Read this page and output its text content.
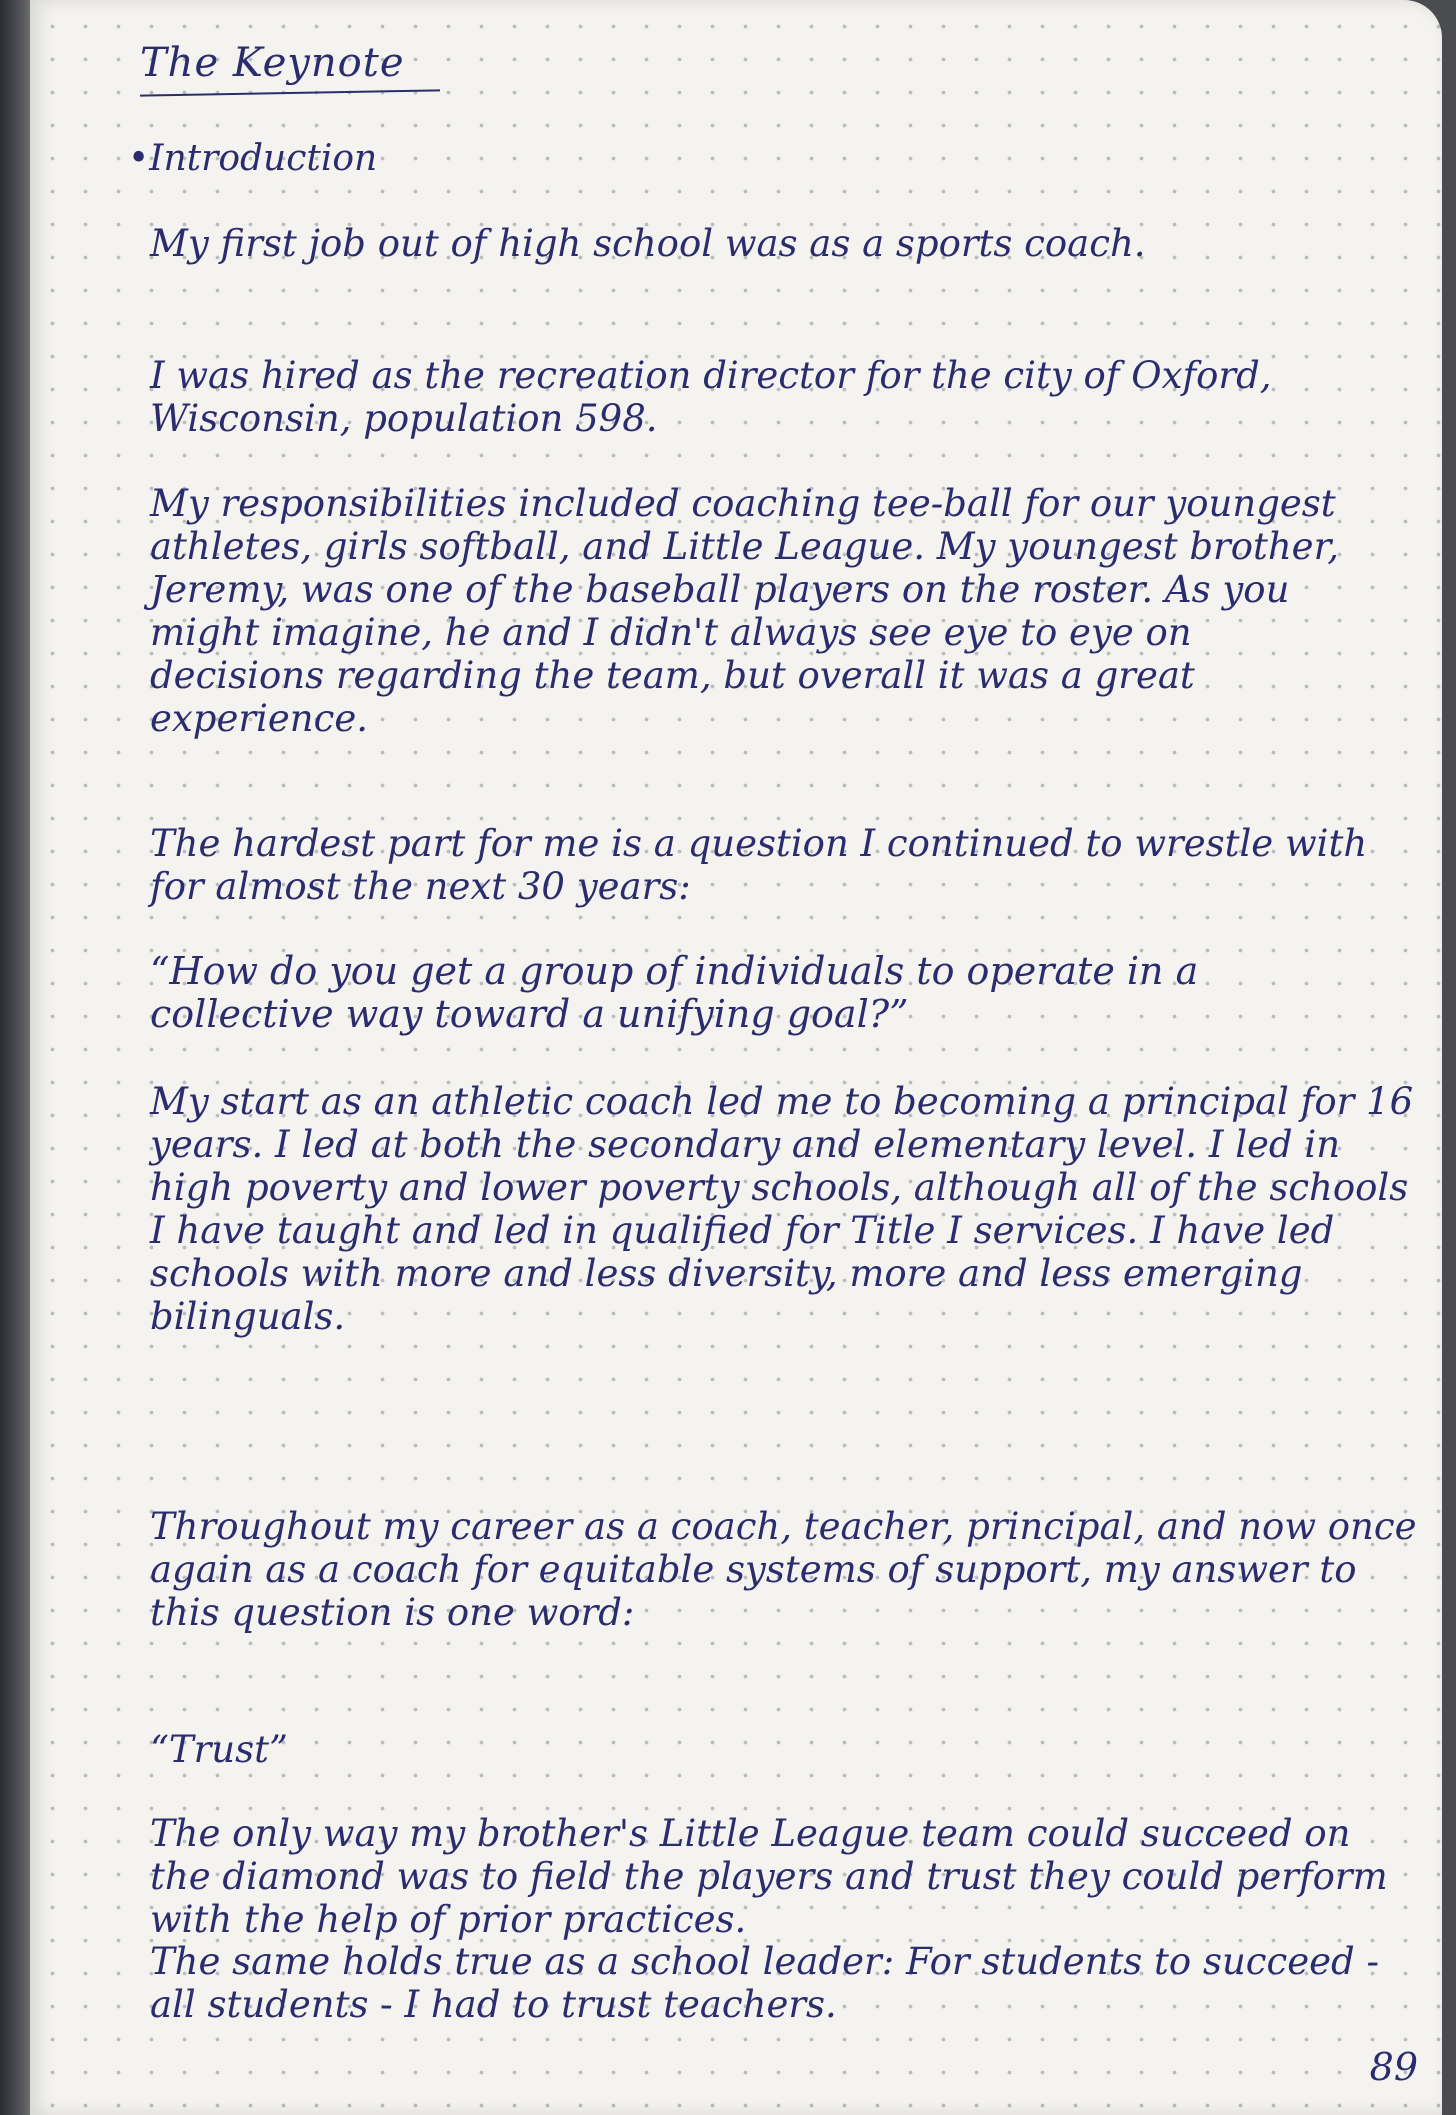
The Keynote
•Introduction

My first job out of high school was as a sports coach.

I was hired as the recreation director for the city of Oxford, Wisconsin, population 598.

My responsibilities included coaching tee-ball for our youngest athletes, girls softball, and Little League. My youngest brother, Jeremy, was one of the baseball players on the roster. As you might imagine, he and I didn't always see eye to eye on decisions regarding the team, but overall it was a great experience.

The hardest part for me is a question I continued to wrestle with for almost the next 30 years:

“How do you get a group of individuals to operate in a collective way toward a unifying goal?”

My start as an athletic coach led me to becoming a principal for 16 years. I led at both the secondary and elementary level. I led in high poverty and lower poverty schools, although all of the schools I have taught and led in qualified for Title I services. I have led schools with more and less diversity, more and less emerging bilinguals.

Throughout my career as a coach, teacher, principal, and now once again as a coach for equitable systems of support, my answer to this question is one word:

“Trust”

The only way my brother's Little League team could succeed on the diamond was to field the players and trust they could perform with the help of prior practices.

The same holds true as a school leader: For students to succeed - all students - I had to trust teachers.

89
